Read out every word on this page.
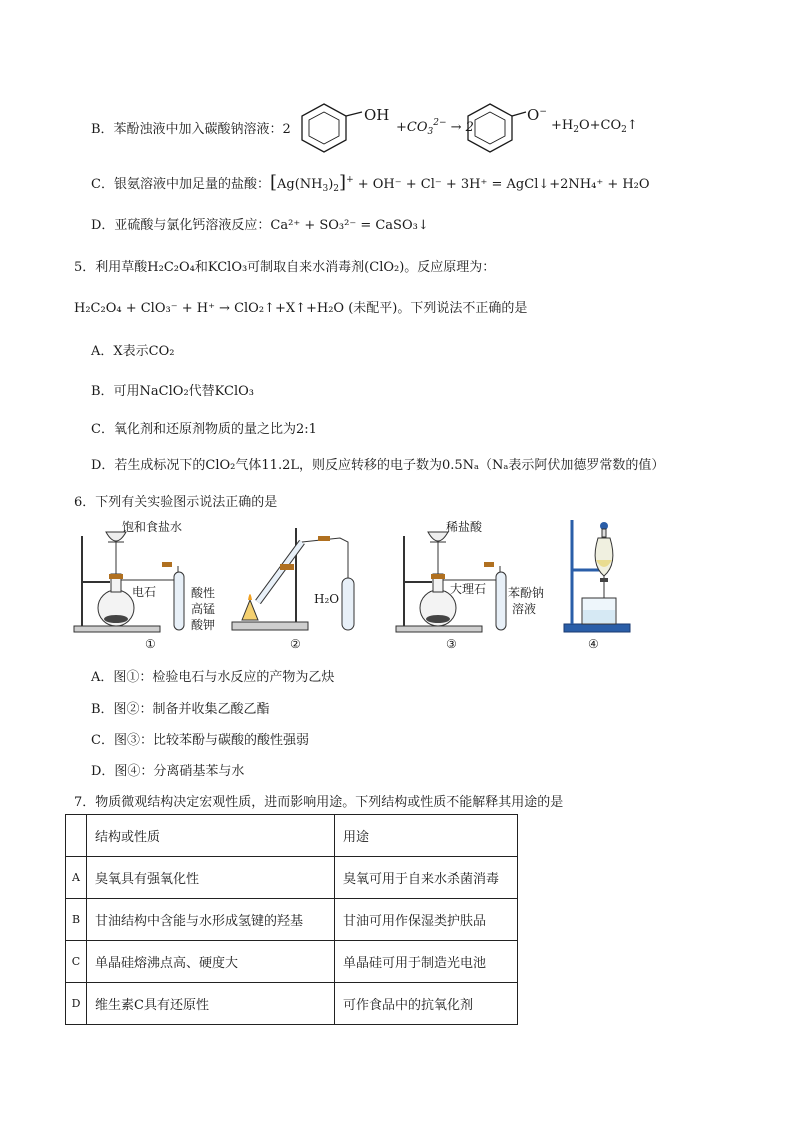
B．苯酚浊液中加入碳酸钠溶液：2
OH
$+CO_3^{2-} \to 2$
O−
$+H_2O+CO_2↑$
C．银氨溶液中加足量的盐酸：$[Ag(NH_3)_2]^+ + OH^- + Cl^- + 3H^+$ = AgCl↓+2NH₄⁺ + H₂O
D．亚硫酸与氯化钙溶液反应：Ca²⁺ + SO₃²⁻ = CaSO₃↓
5．利用草酸H₂C₂O₄和KClO₃可制取自来水消毒剂(ClO₂)。反应原理为：
H₂C₂O₄ + ClO₃⁻ + H⁺ → ClO₂↑+X↑+H₂O (未配平)。下列说法不正确的是
A．X表示CO₂
B．可用NaClO₂代替KClO₃
C．氧化剂和还原剂物质的量之比为2:1
D．若生成标况下的ClO₂气体11.2L，则反应转移的电子数为0.5Nₐ（Nₐ表示阿伏加德罗常数的值）
6．下列有关实验图示说法正确的是
饱和食盐水
电石	酸性
高锰
酸钾
①
H₂O
②
稀盐酸
大理石 苯酚钠
溶液
③	④
A．图①：检验电石与水反应的产物为乙炔
B．图②：制备并收集乙酸乙酯
C．图③：比较苯酚与碳酸的酸性强弱
D．图④：分离硝基苯与水
7．物质微观结构决定宏观性质，进而影响用途。下列结构或性质不能解释其用途的是
	结构或性质	用途
A	臭氧具有强氧化性	臭氧可用于自来水杀菌消毒
B	甘油结构中含能与水形成氢键的羟基	甘油可用作保湿类护肤品
C	单晶硅熔沸点高、硬度大	单晶硅可用于制造光电池
D	维生素C具有还原性	可作食品中的抗氧化剂
